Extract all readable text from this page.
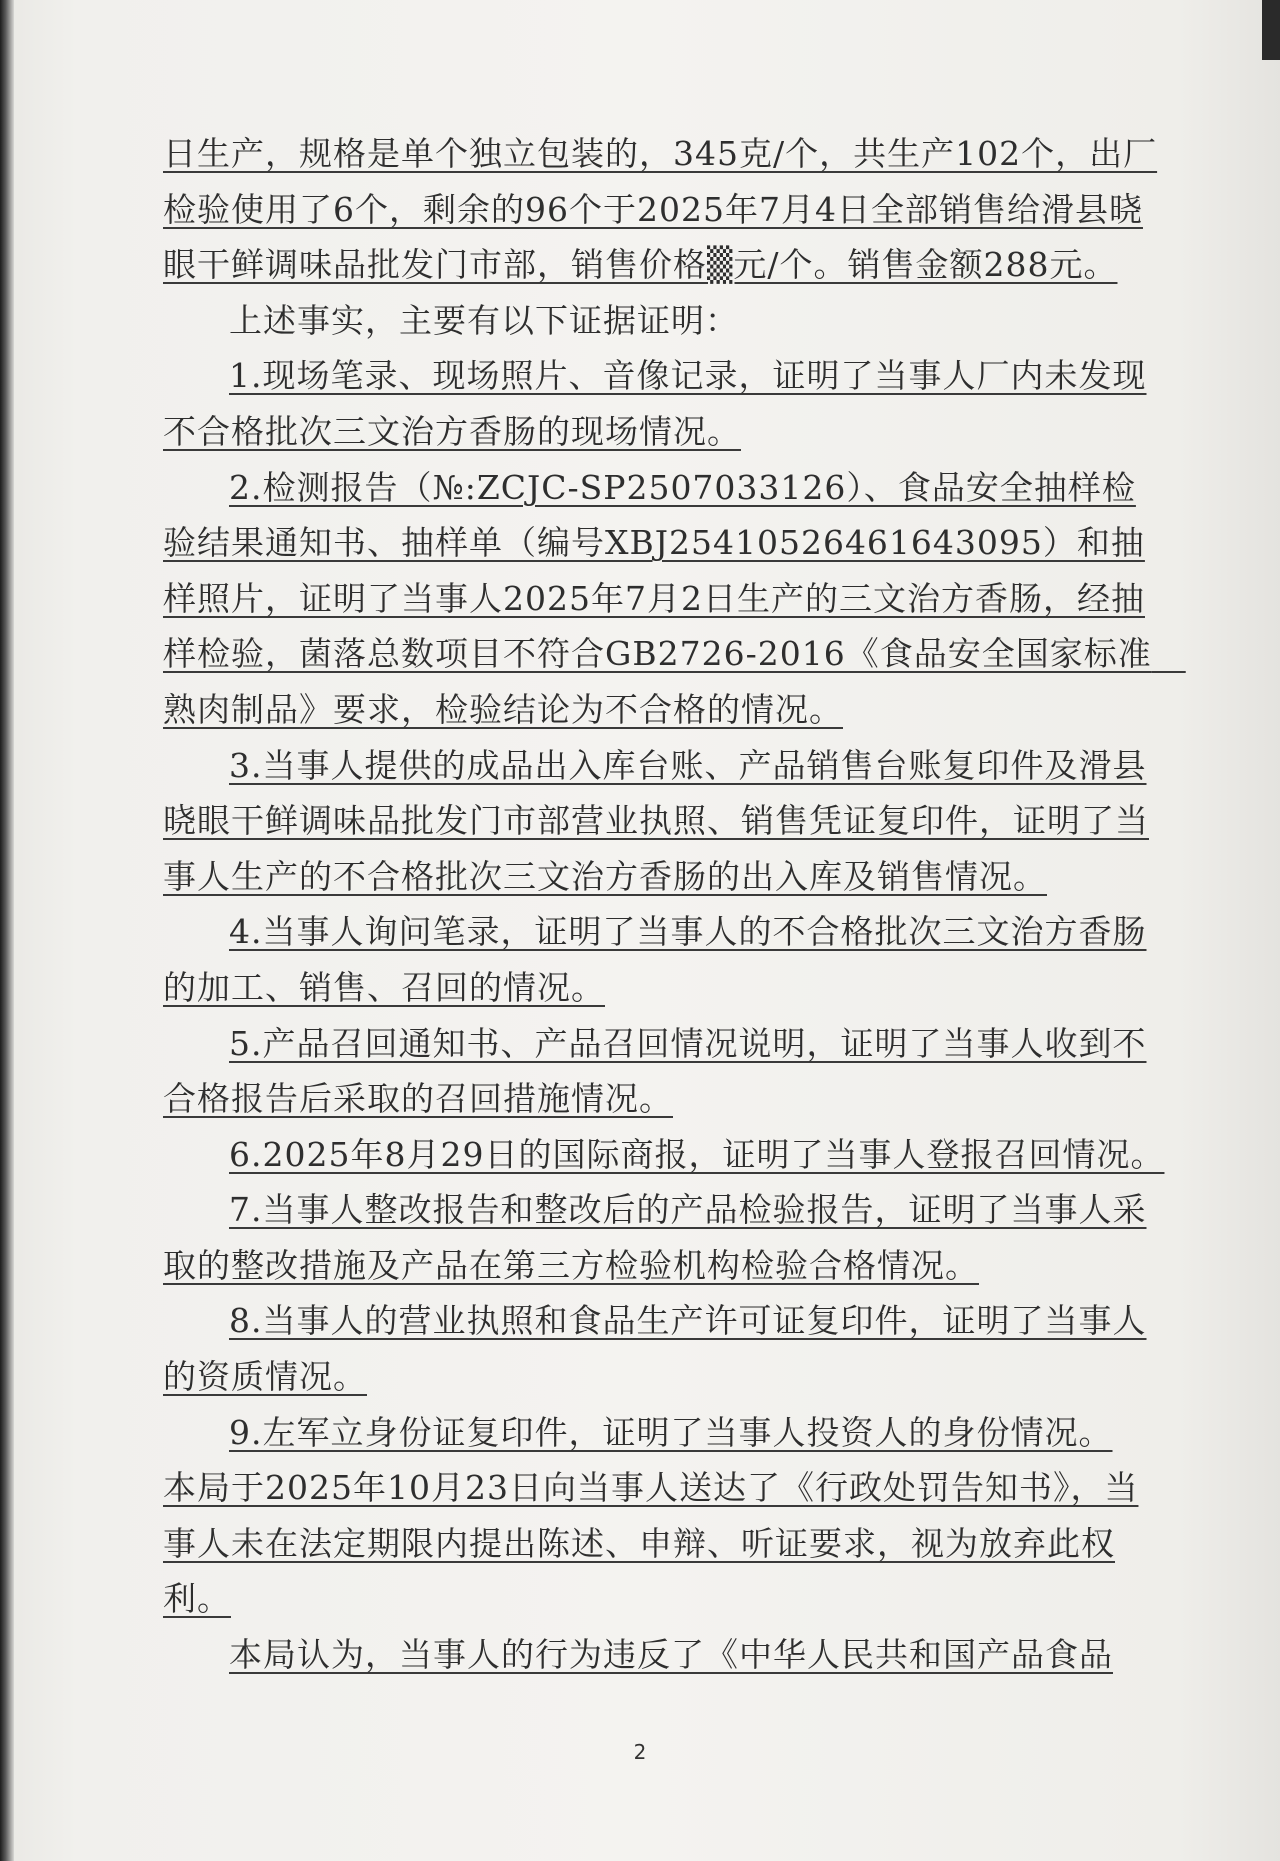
日生产，规格是单个独立包装的，345克/个，共生产102个，出厂检验使用了6个，剩余的96个于2025年7月4日全部销售给滑县晓眼干鲜调味品批发门市部，销售价格▒元/个。销售金额288元。

上述事实，主要有以下证据证明：

1.现场笔录、现场照片、音像记录，证明了当事人厂内未发现不合格批次三文治方香肠的现场情况。

2.检测报告（№:ZCJC-SP2507033126）、食品安全抽样检验结果通知书、抽样单（编号XBJ25410526461643095）和抽样照片，证明了当事人2025年7月2日生产的三文治方香肠，经抽样检验，菌落总数项目不符合GB2726-2016《食品安全国家标准　熟肉制品》要求，检验结论为不合格的情况。

3.当事人提供的成品出入库台账、产品销售台账复印件及滑县晓眼干鲜调味品批发门市部营业执照、销售凭证复印件，证明了当事人生产的不合格批次三文治方香肠的出入库及销售情况。

4.当事人询问笔录，证明了当事人的不合格批次三文治方香肠的加工、销售、召回的情况。

5.产品召回通知书、产品召回情况说明，证明了当事人收到不合格报告后采取的召回措施情况。

6.2025年8月29日的国际商报，证明了当事人登报召回情况。

7.当事人整改报告和整改后的产品检验报告，证明了当事人采取的整改措施及产品在第三方检验机构检验合格情况。

8.当事人的营业执照和食品生产许可证复印件，证明了当事人的资质情况。

9.左军立身份证复印件，证明了当事人投资人的身份情况。

本局于2025年10月23日向当事人送达了《行政处罚告知书》，当事人未在法定期限内提出陈述、申辩、听证要求，视为放弃此权利。

本局认为，当事人的行为违反了《中华人民共和国产品食品

2
